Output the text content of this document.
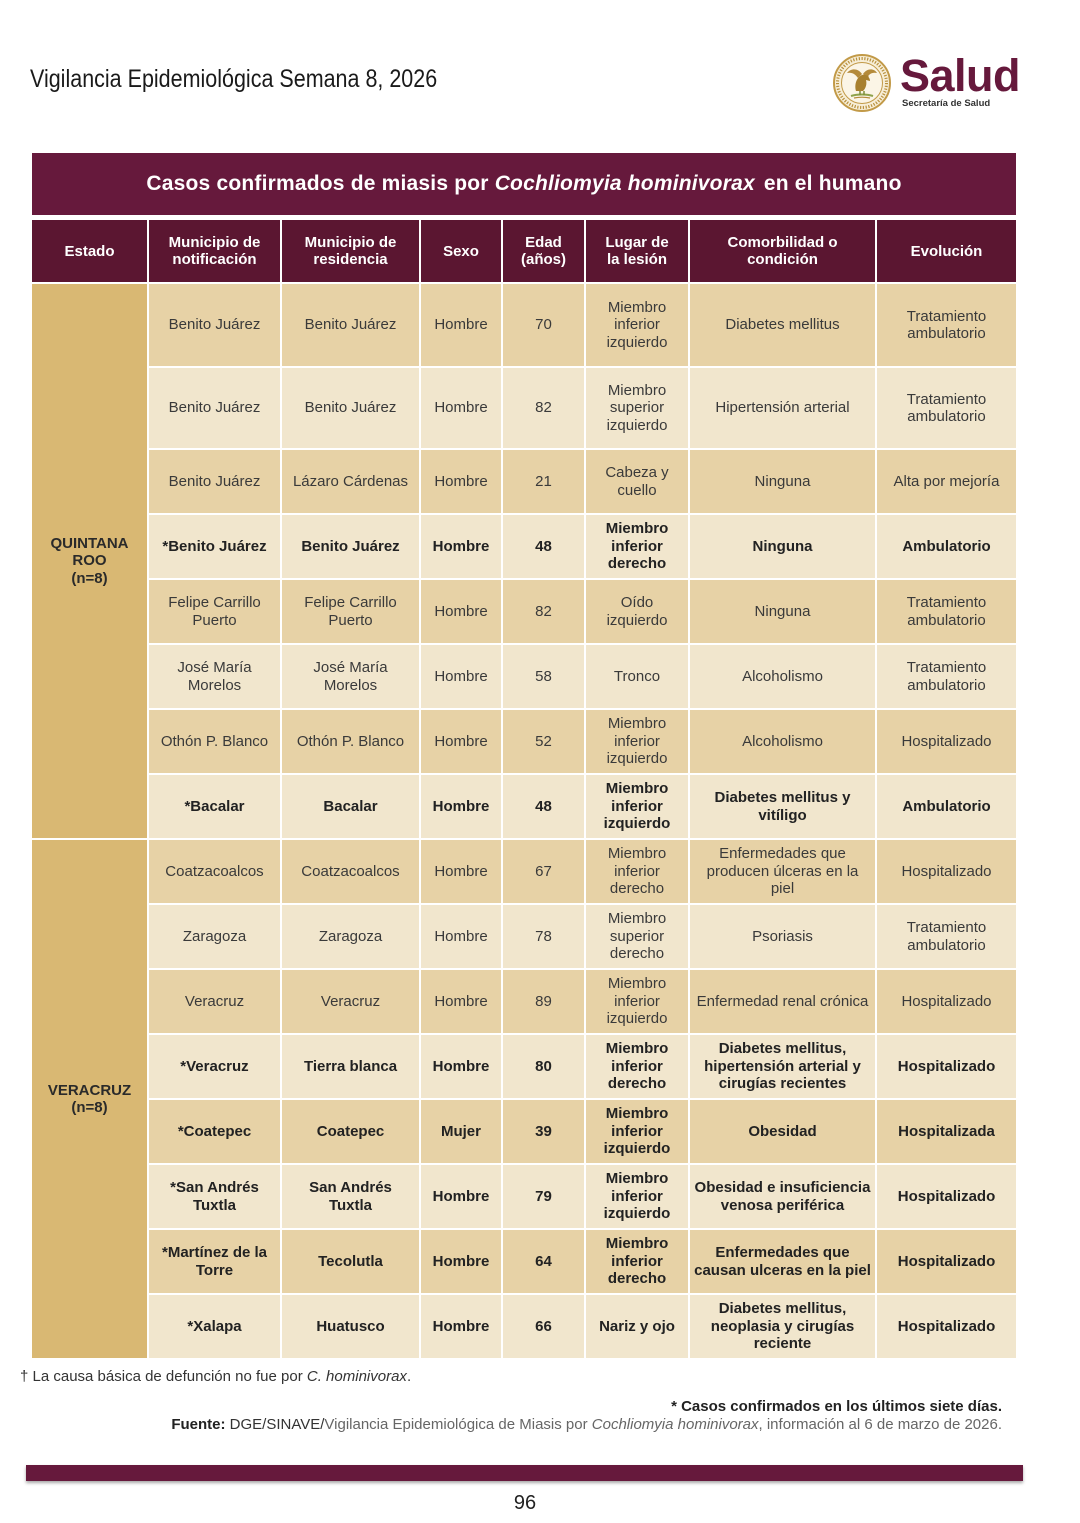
Vigilancia Epidemiológica Semana 8, 2026	Salud
Secretaría de Salud
Casos confirmados de miasis por Cochliomyia hominivorax en el humano
Estado	Municipio de notificación	Municipio de residencia	Sexo	Edad (años)	Lugar de la lesión	Comorbilidad o condición	Evolución

QUINTANA ROO
(n=8)	Benito Juárez	Benito Juárez	Hombre	70	Miembro inferior izquierdo	Diabetes mellitus	Tratamiento ambulatorio
	Benito Juárez	Benito Juárez	Hombre	82	Miembro superior izquierdo	Hipertensión arterial	Tratamiento ambulatorio
	Benito Juárez	Lázaro Cárdenas	Hombre	21	Cabeza y cuello	Ninguna	Alta por mejoría
	*Benito Juárez	Benito Juárez	Hombre	48	Miembro inferior derecho	Ninguna	Ambulatorio
	Felipe Carrillo Puerto	Felipe Carrillo Puerto	Hombre	82	Oído izquierdo	Ninguna	Tratamiento ambulatorio
	José María Morelos	José María Morelos	Hombre	58	Tronco	Alcoholismo	Tratamiento ambulatorio
	Othón P. Blanco	Othón P. Blanco	Hombre	52	Miembro inferior izquierdo	Alcoholismo	Hospitalizado
	*Bacalar	Bacalar	Hombre	48	Miembro inferior izquierdo	Diabetes mellitus y vitíligo	Ambulatorio

VERACRUZ
(n=8)	Coatzacoalcos	Coatzacoalcos	Hombre	67	Miembro inferior derecho	Enfermedades que producen úlceras en la piel	Hospitalizado
	Zaragoza	Zaragoza	Hombre	78	Miembro superior derecho	Psoriasis	Tratamiento ambulatorio
	Veracruz	Veracruz	Hombre	89	Miembro inferior izquierdo	Enfermedad renal crónica	Hospitalizado
	*Veracruz	Tierra blanca	Hombre	80	Miembro inferior derecho	Diabetes mellitus, hipertensión arterial y cirugías recientes	Hospitalizado
	*Coatepec	Coatepec	Mujer	39	Miembro inferior izquierdo	Obesidad	Hospitalizada
	*San Andrés Tuxtla	San Andrés Tuxtla	Hombre	79	Miembro inferior izquierdo	Obesidad e insuficiencia venosa periférica	Hospitalizado
	*Martínez de la Torre	Tecolutla	Hombre	64	Miembro inferior derecho	Enfermedades que causan ulceras en la piel	Hospitalizado
	*Xalapa	Huatusco	Hombre	66	Nariz y ojo	Diabetes mellitus, neoplasia y cirugías reciente	Hospitalizado
† La causa básica de defunción no fue por C. hominivorax.
* Casos confirmados en los últimos siete días.
Fuente: DGE/SINAVE/Vigilancia Epidemiológica de Miasis por Cochliomyia hominivorax, información al 6 de marzo de 2026.
96
